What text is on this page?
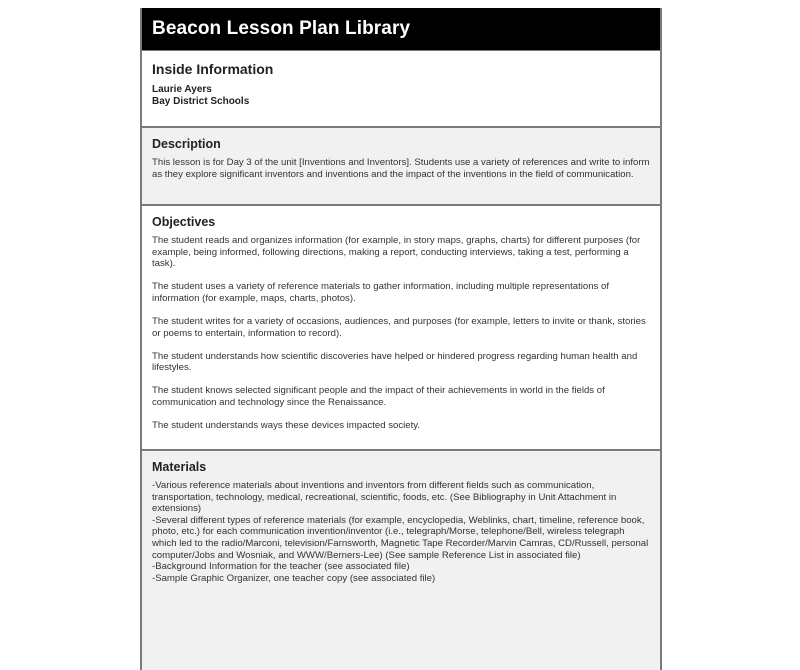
Beacon Lesson Plan Library
Inside Information
Laurie Ayers
Bay District Schools
Description

This lesson is for Day 3 of the unit [Inventions and Inventors]. Students use a variety of references and write to inform as they explore significant inventors and inventions and the impact of the inventions in the field of communication.

Objectives

The student reads and organizes information (for example, in story maps, graphs, charts) for different purposes (for example, being informed, following directions, making a report, conducting interviews, taking a test, performing a task).

The student uses a variety of reference materials to gather information, including multiple representations of information (for example, maps, charts, photos).

The student writes for a variety of occasions, audiences, and purposes (for example, letters to invite or thank, stories or poems to entertain, information to record).

The student understands how scientific discoveries have helped or hindered progress regarding human health and lifestyles.

The student knows selected significant people and the impact of their achievements in world in the fields of communication and technology since the Renaissance.

The student understands ways these devices impacted society.

Materials
-Various reference materials about inventions and inventors from different fields such as communication, transportation, technology, medical, recreational, scientific, foods, etc. (See Bibliography in Unit Attachment in extensions)
-Several different types of reference materials (for example, encyclopedia, Weblinks, chart, timeline, reference book, photo, etc.) for each communication invention/inventor (i.e., telegraph/Morse, telephone/Bell, wireless telegraph which led to the radio/Marconi, television/Farnsworth, Magnetic Tape Recorder/Marvin Camras, CD/Russell, personal computer/Jobs and Wosniak, and WWW/Berners-Lee) (See sample Reference List in associated file)
-Background Information for the teacher (see associated file)
-Sample Graphic Organizer, one teacher copy (see associated file)
